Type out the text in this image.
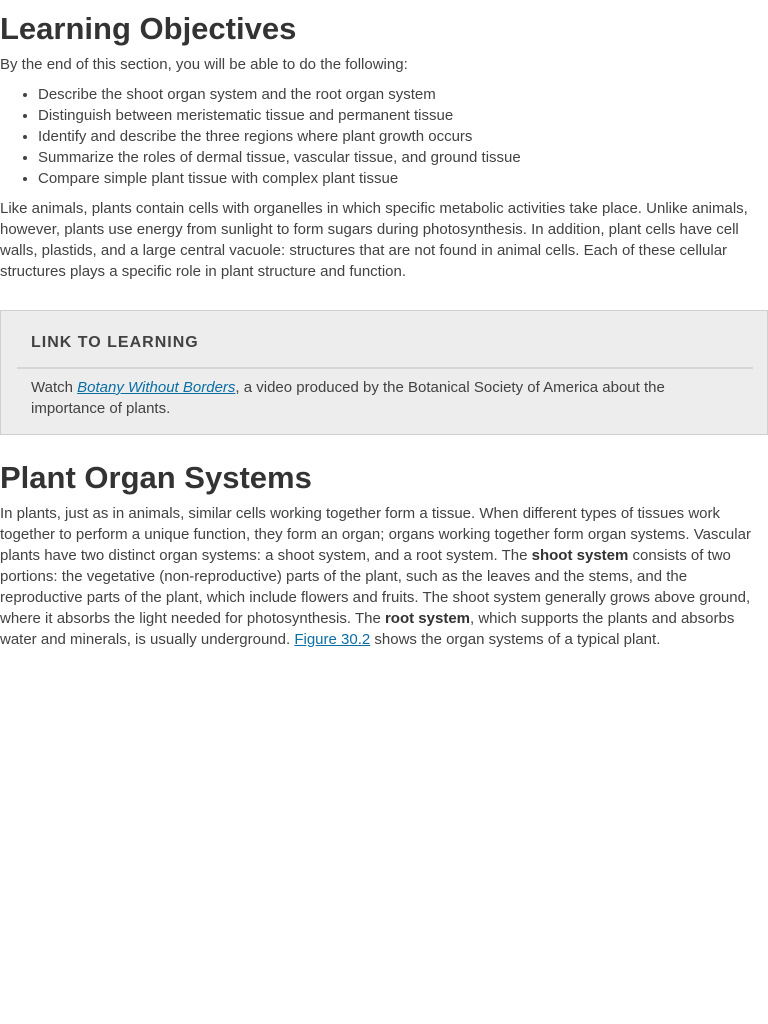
Learning Objectives

By the end of this section, you will be able to do the following:

• Describe the shoot organ system and the root organ system
• Distinguish between meristematic tissue and permanent tissue
• Identify and describe the three regions where plant growth occurs
• Summarize the roles of dermal tissue, vascular tissue, and ground tissue
• Compare simple plant tissue with complex plant tissue

Like animals, plants contain cells with organelles in which specific metabolic activities take place. Unlike animals, however, plants use energy from sunlight to form sugars during photosynthesis. In addition, plant cells have cell walls, plastids, and a large central vacuole: structures that are not found in animal cells. Each of these cellular structures plays a specific role in plant structure and function.

LINK TO LEARNING

Watch Botany Without Borders, a video produced by the Botanical Society of America about the importance of plants.

Plant Organ Systems

In plants, just as in animals, similar cells working together form a tissue. When different types of tissues work together to perform a unique function, they form an organ; organs working together form organ systems. Vascular plants have two distinct organ systems: a shoot system, and a root system. The shoot system consists of two portions: the vegetative (non-reproductive) parts of the plant, such as the leaves and the stems, and the reproductive parts of the plant, which include flowers and fruits. The shoot system generally grows above ground, where it absorbs the light needed for photosynthesis. The root system, which supports the plants and absorbs water and minerals, is usually underground. Figure 30.2 shows the organ systems of a typical plant.
